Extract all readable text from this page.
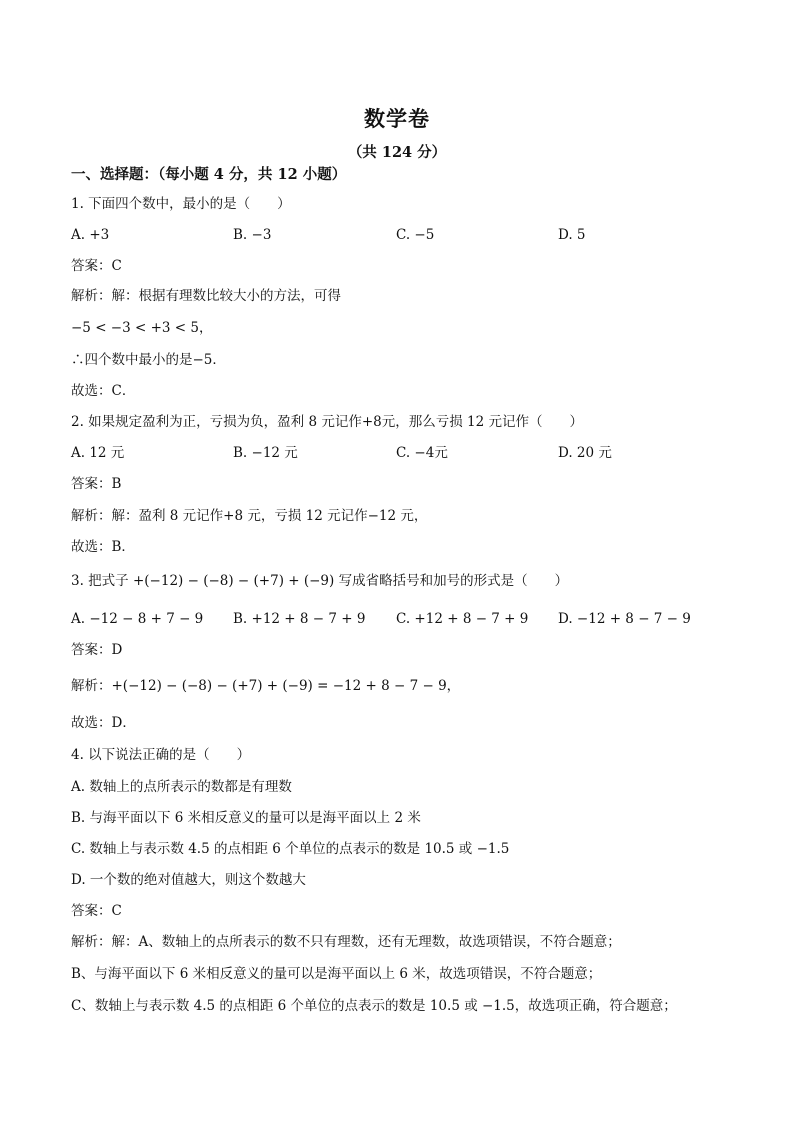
数学卷
（共 124 分）
一、选择题：（每小题 4 分，共 12 小题）
1. 下面四个数中，最小的是（　　）
A. +3	B. −3	C. −5	D. 5
答案：C
解析：解：根据有理数比较大小的方法，可得
−5 < −3 < +3 < 5，
∴四个数中最小的是−5．
故选：C．
2. 如果规定盈利为正，亏损为负，盈利 8 元记作+8元，那么亏损 12 元记作（　　）
A. 12 元	B. −12 元	C. −4元	D. 20 元
答案：B
解析：解：盈利 8 元记作+8 元，亏损 12 元记作−12 元，
故选：B．
3. 把式子 +(−12) − (−8) − (+7) + (−9) 写成省略括号和加号的形式是（　　）
A. −12 − 8 + 7 − 9 B. +12 + 8 − 7 + 9 C. +12 + 8 − 7 + 9 D. −12 + 8 − 7 − 9
答案：D
解析：+(−12) − (−8) − (+7) + (−9) = −12 + 8 − 7 − 9，
故选：D．
4. 以下说法正确的是（　　）
A. 数轴上的点所表示的数都是有理数
B. 与海平面以下 6 米相反意义的量可以是海平面以上 2 米
C. 数轴上与表示数 4.5 的点相距 6 个单位的点表示的数是 10.5 或 −1.5
D. 一个数的绝对值越大，则这个数越大
答案：C
解析：解：A、数轴上的点所表示的数不只有理数，还有无理数，故选项错误，不符合题意；
B、与海平面以下 6 米相反意义的量可以是海平面以上 6 米，故选项错误，不符合题意；
C、数轴上与表示数 4.5 的点相距 6 个单位的点表示的数是 10.5 或 −1.5，故选项正确，符合题意；
